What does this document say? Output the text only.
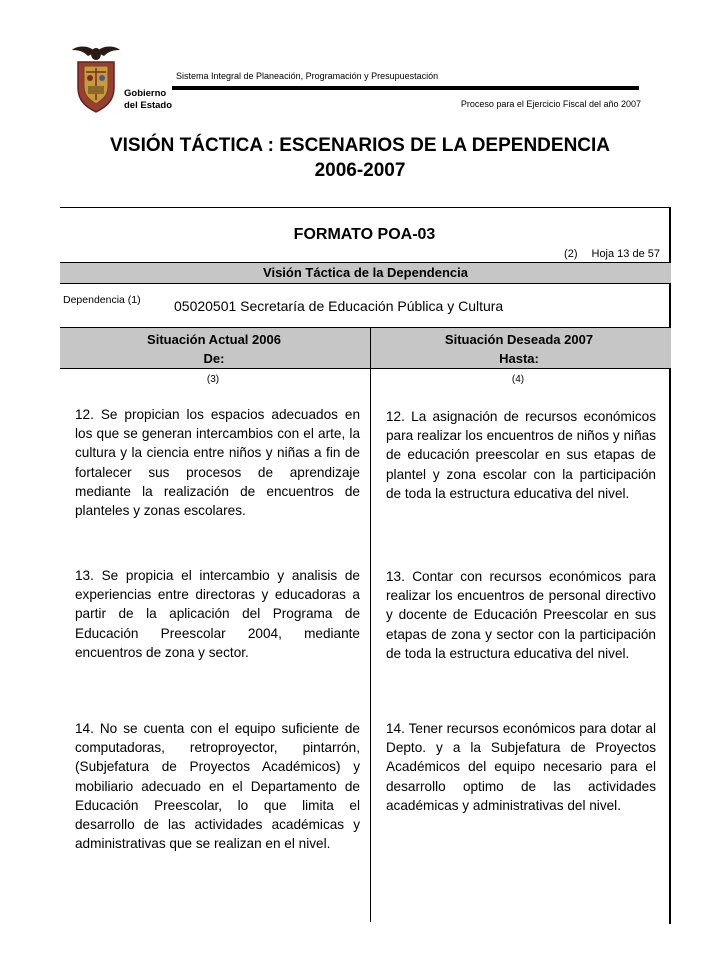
Gobierno del Estado
Sistema Integral de Planeación, Programación y Presupuestación
Proceso para el Ejercicio Fiscal del año 2007
VISIÓN TÁCTICA : ESCENARIOS DE LA DEPENDENCIA
2006-2007
FORMATO POA-03
(2) Hoja 13 de 57
Visión Táctica de la Dependencia
Dependencia (1) 05020501 Secretaría de Educación Pública y Cultura
Situación Actual 2006
De:
Situación Deseada 2007
Hasta:
(3)	(4)
12. Se propician los espacios adecuados en los que se generan intercambios con el arte, la cultura y la ciencia entre niños y niñas a fin de fortalecer sus procesos de aprendizaje mediante la realización de encuentros de planteles y zonas escolares.
13. Se propicia el intercambio y analisis de experiencias entre directoras y educadoras a partir de la aplicación del Programa de Educación Preescolar 2004, mediante encuentros de zona y sector.
14. No se cuenta con el equipo suficiente de computadoras, retroproyector, pintarrón, (Subjefatura de Proyectos Académicos) y mobiliario adecuado en el Departamento de Educación Preescolar, lo que limita el desarrollo de las actividades académicas y administrativas que se realizan en el nivel.
12. La asignación de recursos económicos para realizar los encuentros de niños y niñas de educación preescolar en sus etapas de plantel y zona escolar con la participación de toda la estructura educativa del nivel.
13. Contar con recursos económicos para realizar los encuentros de personal directivo y docente de Educación Preescolar en sus etapas de zona y sector con la participación de toda la estructura educativa del nivel.
14. Tener recursos económicos para dotar al Depto. y a la Subjefatura de Proyectos Académicos del equipo necesario para el desarrollo optimo de las actividades académicas y administrativas del nivel.
